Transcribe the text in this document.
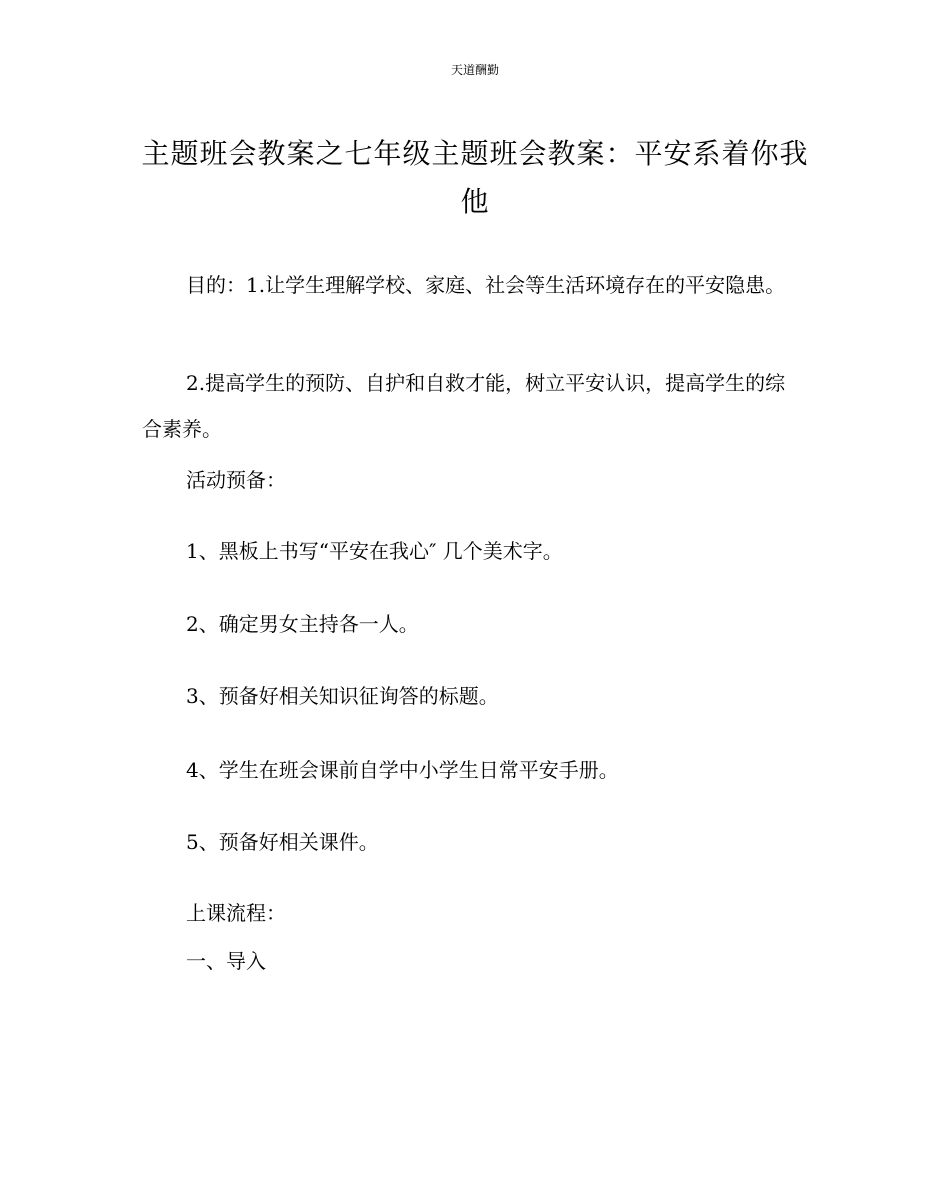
天道酬勤
主题班会教案之七年级主题班会教案：平安系着你我他

目的：1.让学生理解学校、家庭、社会等生活环境存在的平安隐患。

2.提高学生的预防、自护和自救才能，树立平安认识，提高学生的综合素养。

活动预备：

1、黑板上书写“平安在我心″ 几个美术字。

2、确定男女主持各一人。

3、预备好相关知识征询答的标题。

4、学生在班会课前自学中小学生日常平安手册。

5、预备好相关课件。

上课流程：

一、导入
